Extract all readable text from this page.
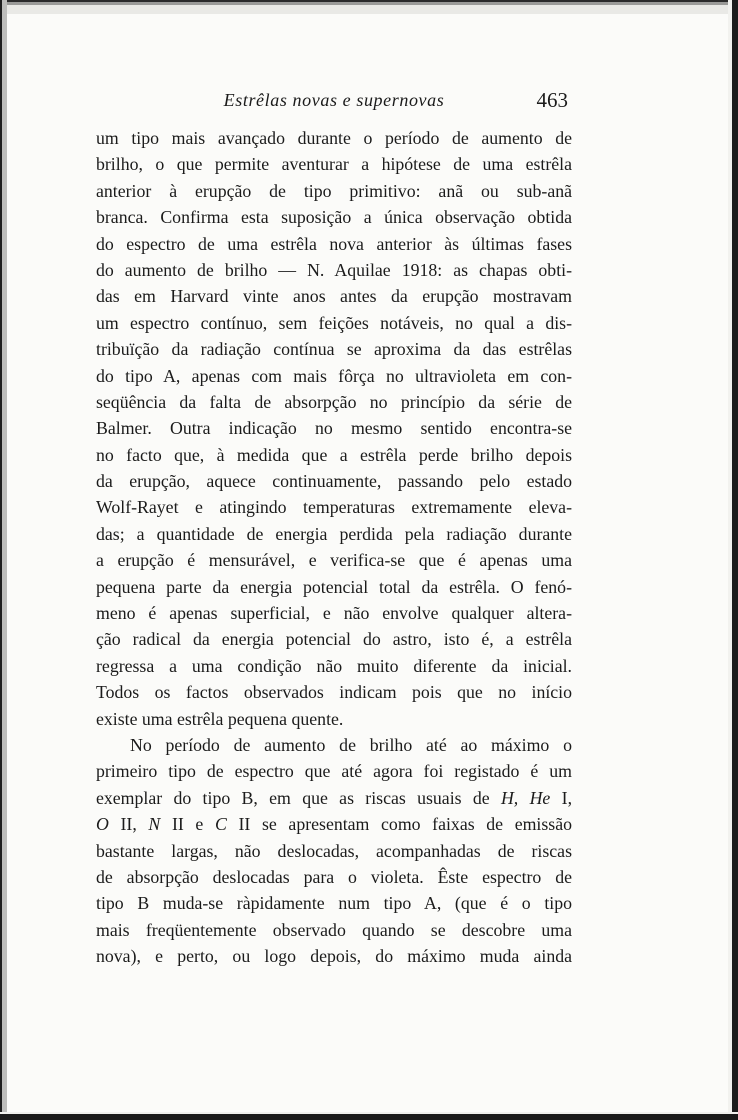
Estrêlas novas e supernovas	463
um tipo mais avançado durante o período de aumento de
brilho, o que permite aventurar a hipótese de uma estrêla
anterior à erupção de tipo primitivo: anã ou sub-anã
branca. Confirma esta suposição a única observação obtida
do espectro de uma estrêla nova anterior às últimas fases
do aumento de brilho — N. Aquilae 1918: as chapas obti-
das em Harvard vinte anos antes da erupção mostravam
um espectro contínuo, sem feições notáveis, no qual a dis-
tribuïção da radiação contínua se aproxima da das estrêlas
do tipo A, apenas com mais fôrça no ultravioleta em con-
seqüência da falta de absorpção no princípio da série de
Balmer. Outra indicação no mesmo sentido encontra-se
no facto que, à medida que a estrêla perde brilho depois
da erupção, aquece continuamente, passando pelo estado
Wolf-Rayet e atingindo temperaturas extremamente eleva-
das; a quantidade de energia perdida pela radiação durante
a erupção é mensurável, e verifica-se que é apenas uma
pequena parte da energia potencial total da estrêla. O fenó-
meno é apenas superficial, e não envolve qualquer altera-
ção radical da energia potencial do astro, isto é, a estrêla
regressa a uma condição não muito diferente da inicial.
Todos os factos observados indicam pois que no início
existe uma estrêla pequena quente.
No período de aumento de brilho até ao máximo o
primeiro tipo de espectro que até agora foi registado é um
exemplar do tipo B, em que as riscas usuais de H, He I,
O II, N II e C II se apresentam como faixas de emissão
bastante largas, não deslocadas, acompanhadas de riscas
de absorpção deslocadas para o violeta. Êste espectro de
tipo B muda-se ràpidamente num tipo A, (que é o tipo
mais freqüentemente observado quando se descobre uma
nova), e perto, ou logo depois, do máximo muda ainda
